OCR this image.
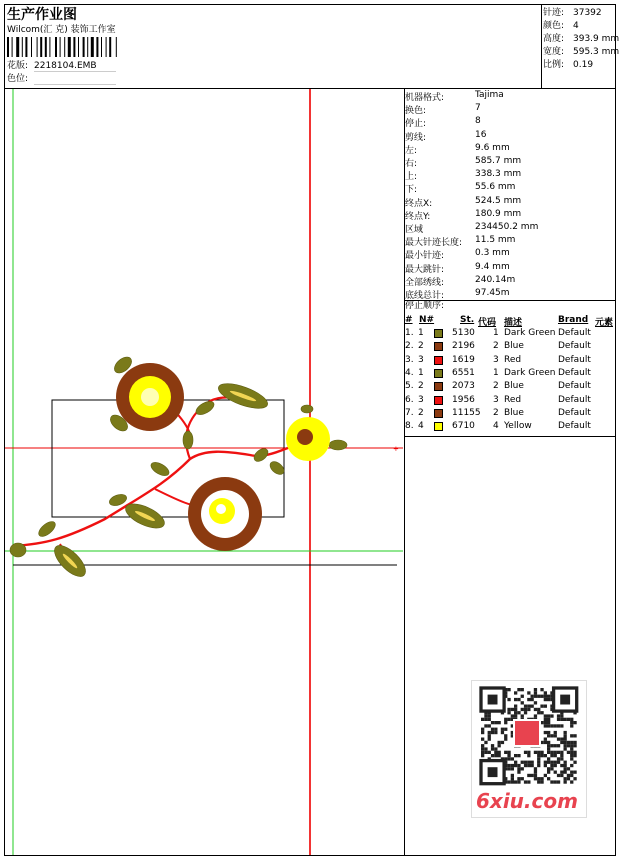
生产作业图
Wilcom(汇 克) 装饰工作室
花版: 2218104.EMB
色位:
针迹: 37392
颜色: 4
高度: 393.9 mm
宽度: 595.3 mm
比例: 0.19
机器格式:	Tajima
换色:	7
停止:	8
剪线:	16
左:	9.6 mm
右:	585.7 mm
上:	338.3 mm
下:	55.6 mm
终点X:	524.5 mm
终点Y:	180.9 mm
区域	234450.2 mm
最大针迹长度: 11.5 mm
最小针迹:	0.3 mm
最大跳针:	9.4 mm
全部绣线:	240.14m
底线总计:	97.45m
停止顺序:
# N#	St. 代码 描述	Brand 元素
1. 1	5130 1 Dark Green Default
2. 2	2196 2 Blue	Default
3. 3	1619 3 Red	Default
4. 1	6551 1 Dark Green Default
5. 2	2073 2 Blue	Default
6. 3	1956 3 Red	Default
7. 2	11155 2 Blue	Default
8. 4	6710 4 Yellow	Default
6xiu.com
+
